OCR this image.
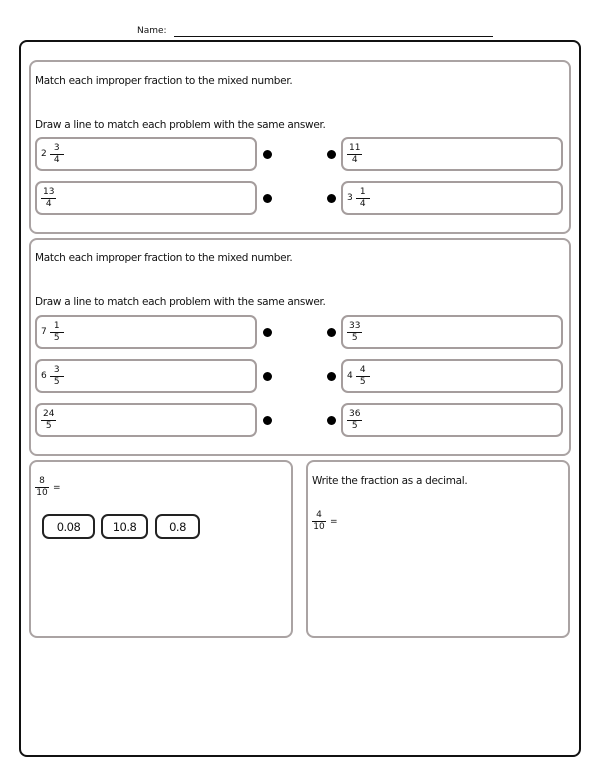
Name:
Match each improper fraction to the mixed number.
Draw a line to match each problem with the same answer.
$2 \frac{3}{4}$	$\frac{11}{4}$
$\frac{13}{4}$	$3 \frac{1}{4}$
Match each improper fraction to the mixed number.
Draw a line to match each problem with the same answer.
$7 \frac{1}{5}$	$\frac{33}{5}$
$6 \frac{3}{5}$	$4 \frac{4}{5}$
$\frac{24}{5}$	$\frac{36}{5}$
$\frac{8}{10}$ =
0.08	10.8	0.8
Write the fraction as a decimal.
$\frac{4}{10}$ =
